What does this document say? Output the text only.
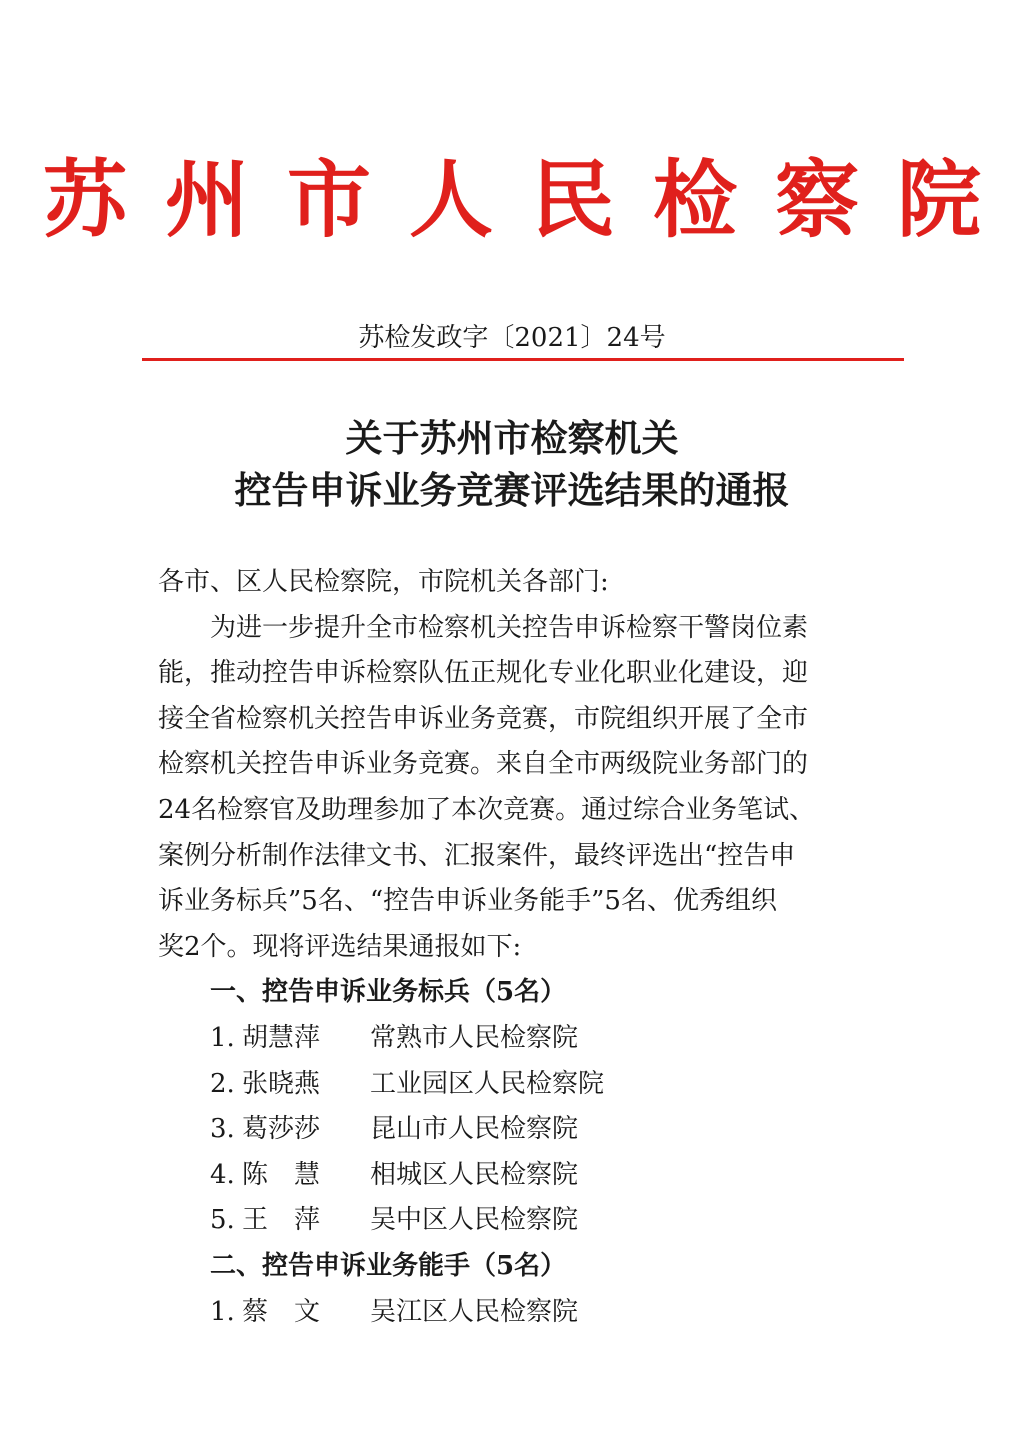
苏州市人民检察院
苏检发政字〔2021〕24号
关于苏州市检察机关
控告申诉业务竞赛评选结果的通报
各市、区人民检察院，市院机关各部门:
为进一步提升全市检察机关控告申诉检察干警岗位素
能，推动控告申诉检察队伍正规化专业化职业化建设，迎
接全省检察机关控告申诉业务竞赛，市院组织开展了全市
检察机关控告申诉业务竞赛。来自全市两级院业务部门的
24名检察官及助理参加了本次竞赛。通过综合业务笔试、
案例分析制作法律文书、汇报案件，最终评选出“控告申
诉业务标兵”5名、“控告申诉业务能手”5名、优秀组织
奖2个。现将评选结果通报如下:
一、控告申诉业务标兵（5名）
1. 胡慧萍	常熟市人民检察院
2. 张晓燕	工业园区人民检察院
3. 葛莎莎	昆山市人民检察院
4. 陈　慧	相城区人民检察院
5. 王　萍	吴中区人民检察院
二、控告申诉业务能手（5名）
1. 蔡　文	吴江区人民检察院
